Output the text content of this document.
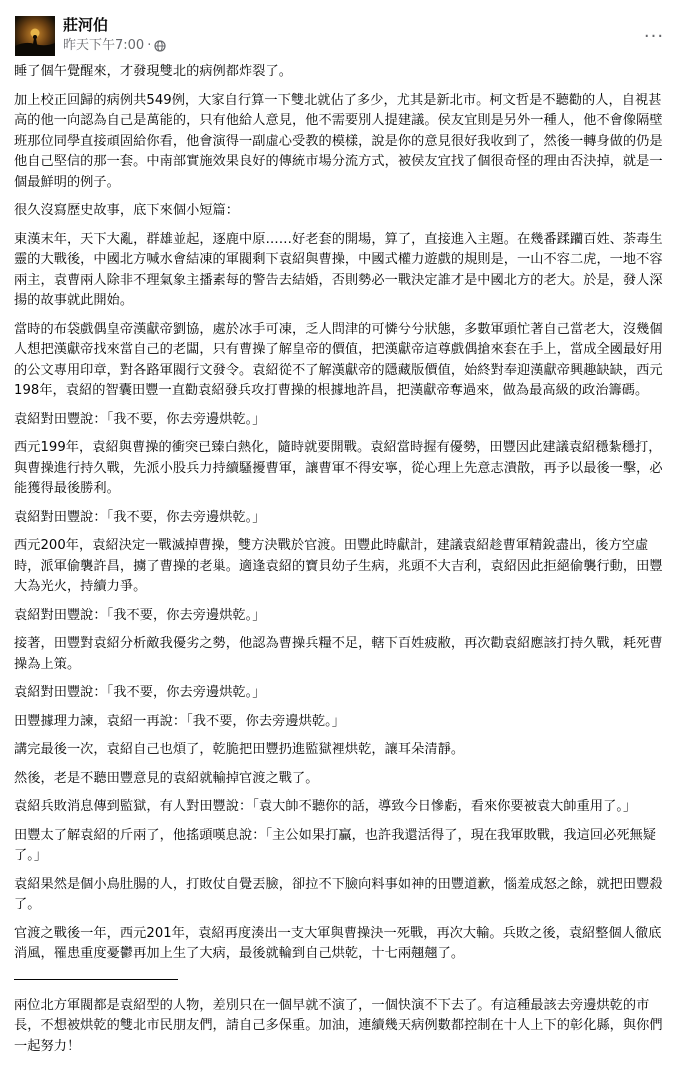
莊河伯
昨天下午7:00 ·	···

睡了個午覺醒來，才發現雙北的病例都炸裂了。

加上校正回歸的病例共549例，大家自行算一下雙北就佔了多少，尤其是新北市。柯文哲是不聽勸的人，自視甚高的他一向認為自己是萬能的，只有他給人意見，他不需要別人提建議。侯友宜則是另外一種人，他不會像隔壁班那位同學直接頑固給你看，他會演得一副虛心受教的模樣，說是你的意見很好我收到了，然後一轉身做的仍是他自己堅信的那一套。中南部實施效果良好的傳統市場分流方式，被侯友宜找了個很奇怪的理由否決掉，就是一個最鮮明的例子。

很久沒寫歷史故事，底下來個小短篇：

東漢末年，天下大亂，群雄並起，逐鹿中原……好老套的開場，算了，直接進入主題。在幾番蹂躪百姓、荼毒生靈的大戰後，中國北方喊水會結凍的軍閥剩下袁紹與曹操，中國式權力遊戲的規則是，一山不容二虎，一地不容兩主，袁曹兩人除非不理氣象主播素每的警告去結婚，否則勢必一戰決定誰才是中國北方的老大。於是，發人深揚的故事就此開始。

當時的布袋戲偶皇帝漢獻帝劉協，處於冰手可凍，乏人問津的可憐兮兮狀態，多數軍頭忙著自己當老大，沒幾個人想把漢獻帝找來當自己的老闆，只有曹操了解皇帝的價值，把漢獻帝這尊戲偶搶來套在手上，當成全國最好用的公文專用印章，對各路軍閥行文發令。袁紹從不了解漢獻帝的隱藏版價值，始終對奉迎漢獻帝興趣缺缺，西元198年，袁紹的智囊田豐一直勸袁紹發兵攻打曹操的根據地許昌，把漢獻帝奪過來，做為最高級的政治籌碼。

袁紹對田豐說：「我不要，你去旁邊烘乾。」

西元199年，袁紹與曹操的衝突已臻白熱化，隨時就要開戰。袁紹當時握有優勢，田豐因此建議袁紹穩紮穩打，與曹操進行持久戰，先派小股兵力持續騷擾曹軍，讓曹軍不得安寧，從心理上先意志潰散，再予以最後一擊，必能獲得最後勝利。

袁紹對田豐說：「我不要，你去旁邊烘乾。」

西元200年，袁紹決定一戰滅掉曹操，雙方決戰於官渡。田豐此時獻計，建議袁紹趁曹軍精銳盡出，後方空虛時，派軍偷襲許昌，擄了曹操的老巢。適逢袁紹的寶貝幼子生病，兆頭不大吉利，袁紹因此拒絕偷襲行動，田豐大為光火，持續力爭。

袁紹對田豐說：「我不要，你去旁邊烘乾。」

接著，田豐對袁紹分析敵我優劣之勢，他認為曹操兵糧不足，轄下百姓疲敝，再次勸袁紹應該打持久戰，耗死曹操為上策。

袁紹對田豐說：「我不要，你去旁邊烘乾。」

田豐據理力諫，袁紹一再說：「我不要，你去旁邊烘乾。」

講完最後一次，袁紹自己也煩了，乾脆把田豐扔進監獄裡烘乾，讓耳朵清靜。

然後，老是不聽田豐意見的袁紹就輸掉官渡之戰了。

袁紹兵敗消息傳到監獄，有人對田豐說：「袁大帥不聽你的話，導致今日慘虧，看來你要被袁大帥重用了。」

田豐太了解袁紹的斤兩了，他搖頭嘆息說：「主公如果打贏，也許我還活得了，現在我軍敗戰，我這回必死無疑了。」

袁紹果然是個小鳥肚腸的人，打敗仗自覺丟臉，卻拉不下臉向料事如神的田豐道歉，惱羞成怒之餘，就把田豐殺了。

官渡之戰後一年，西元201年，袁紹再度湊出一支大軍與曹操決一死戰，再次大輸。兵敗之後，袁紹整個人徹底消風，罹患重度憂鬱再加上生了大病，最後就輪到自己烘乾，十七兩翹翹了。

兩位北方軍閥都是袁紹型的人物，差別只在一個早就不演了，一個快演不下去了。有這種最該去旁邊烘乾的市長，不想被烘乾的雙北市民朋友們，請自己多保重。加油，連續幾天病例數都控制在十人上下的彰化縣，與你們一起努力！
